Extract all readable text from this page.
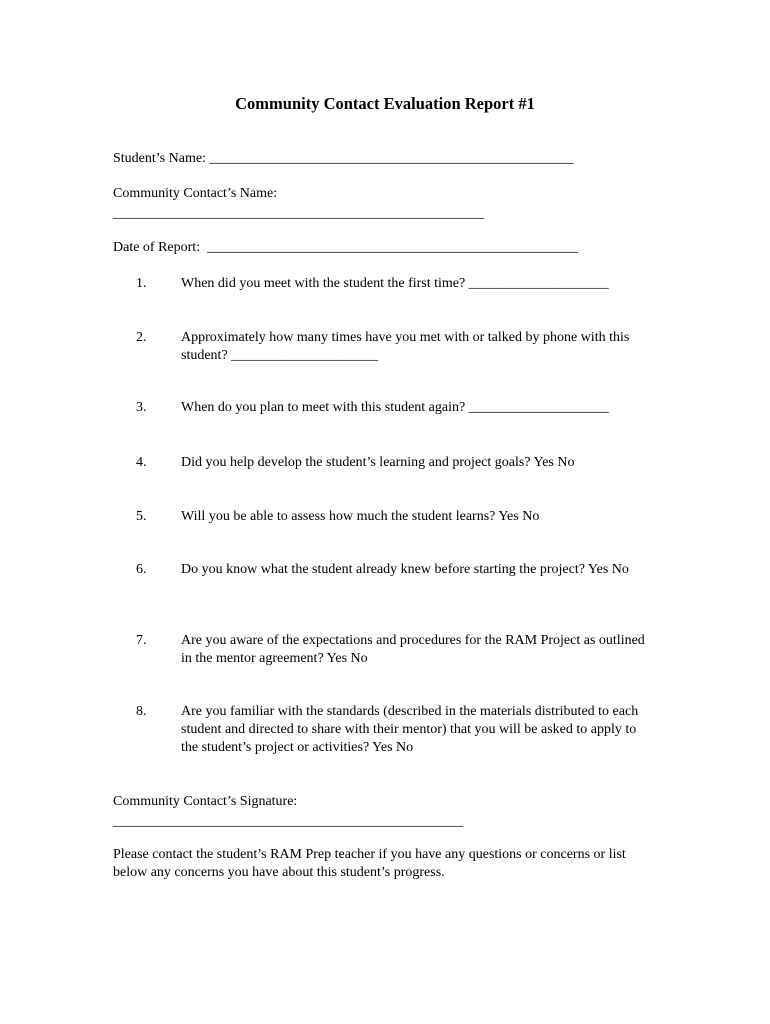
Community Contact Evaluation Report #1
Student’s Name: ____________________________________________________
Community Contact’s Name:
_____________________________________________________
Date of Report: _____________________________________________________
1. When did you meet with the student the first time? ____________________
2. Approximately how many times have you met with or talked by phone with this student? _____________________
3. When do you plan to meet with this student again? ____________________
4. Did you help develop the student’s learning and project goals? Yes No
5. Will you be able to assess how much the student learns? Yes No
6. Do you know what the student already knew before starting the project? Yes No
7. Are you aware of the expectations and procedures for the RAM Project as outlined in the mentor agreement? Yes No
8. Are you familiar with the standards (described in the materials distributed to each student and directed to share with their mentor) that you will be asked to apply to the student’s project or activities? Yes No
Community Contact’s Signature:
__________________________________________________
Please contact the student’s RAM Prep teacher if you have any questions or concerns or list below any concerns you have about this student’s progress.
